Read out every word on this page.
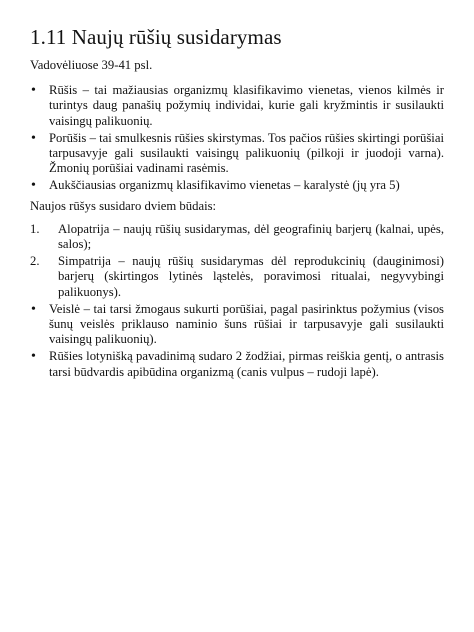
1.11 Naujų rūšių susidarymas

Vadovėliuose 39-41 psl.

• Rūšis – tai mažiausias organizmų klasifikavimo vienetas, vienos kilmės ir turintys daug panašių požymių individai, kurie gali kryžmintis ir susilaukti vaisingų palikuonių.
• Porūšis – tai smulkesnis rūšies skirstymas. Tos pačios rūšies skirtingi porūšiai tarpusavyje gali susilaukti vaisingų palikuonių (pilkoji ir juodoji varna). Žmonių porūšiai vadinami rasėmis.
• Aukščiausias organizmų klasifikavimo vienetas – karalystė (jų yra 5)

Naujos rūšys susidaro dviem būdais:

1. Alopatrija – naujų rūšių susidarymas, dėl geografinių barjerų (kalnai, upės, salos);
2. Simpatrija – naujų rūšių susidarymas dėl reprodukcinių (dauginimosi) barjerų (skirtingos lytinės ląstelės, poravimosi ritualai, negyvybingi palikuonys).
• Veislė – tai tarsi žmogaus sukurti porūšiai, pagal pasirinktus požymius (visos šunų veislės priklauso naminio šuns rūšiai ir tarpusavyje gali susilaukti vaisingų palikuonių).
• Rūšies lotynišką pavadinimą sudaro 2 žodžiai, pirmas reiškia gentį, o antrasis tarsi būdvardis apibūdina organizmą (canis vulpus – rudoji lapė).
